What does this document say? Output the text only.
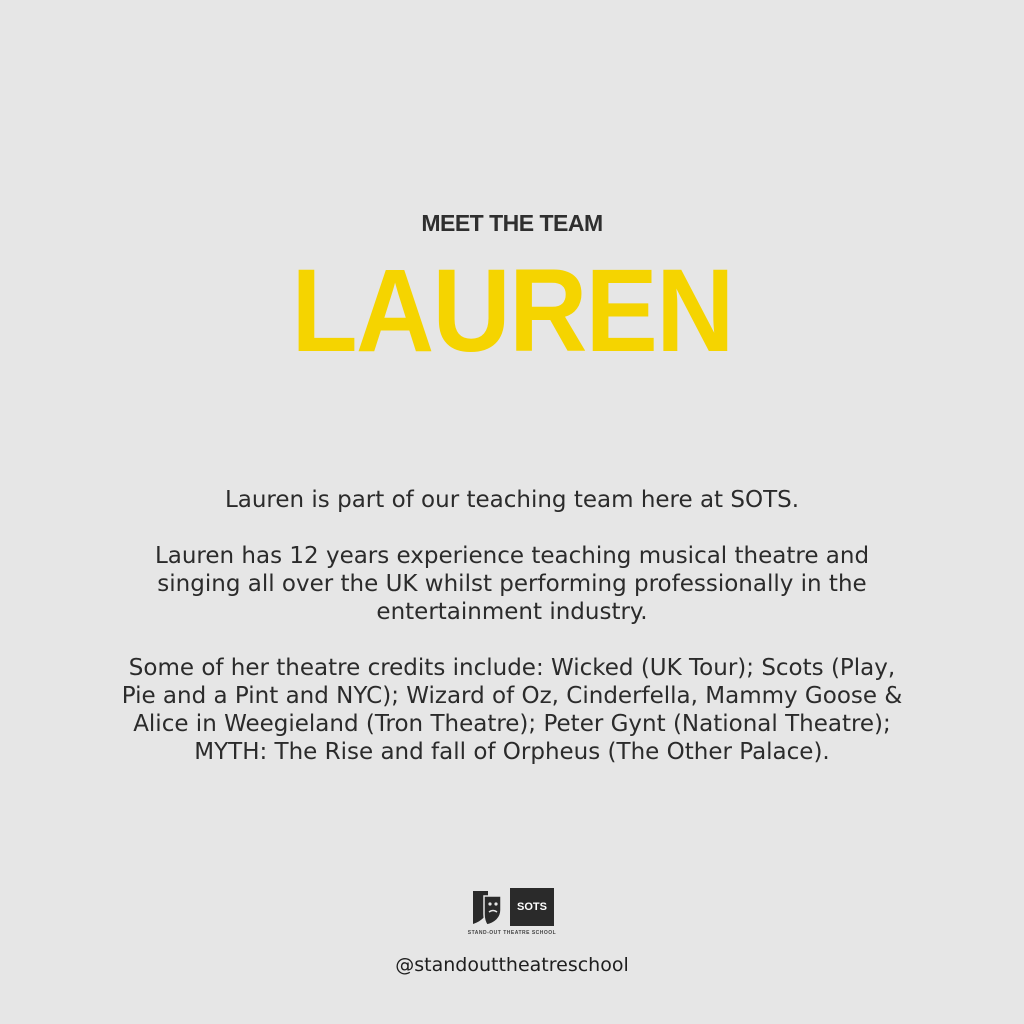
MEET THE TEAM
LAUREN

Lauren is part of our teaching team here at SOTS.

Lauren has 12 years experience teaching musical theatre and singing all over the UK whilst performing professionally in the entertainment industry.

Some of her theatre credits include: Wicked (UK Tour); Scots (Play, Pie and a Pint and NYC); Wizard of Oz, Cinderfella, Mammy Goose & Alice in Weegieland (Tron Theatre); Peter Gynt (National Theatre); MYTH: The Rise and fall of Orpheus (The Other Palace).

SOTS
STAND-OUT THEATRE SCHOOL
@standouttheatreschool
